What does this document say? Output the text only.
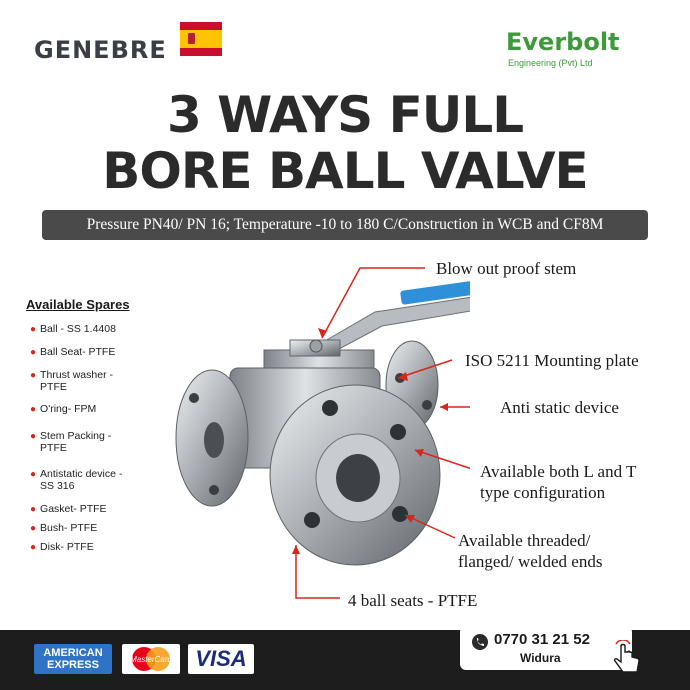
GENEBRE	Everbolt
Engineering (Pvt) Ltd
3 WAYS FULL
BORE BALL VALVE
Pressure PN40/ PN 16; Temperature -10 to 180 C/Construction in WCB and CF8M
Available Spares
● Ball - SS 1.4408
● Ball Seat- PTFE
● Thrust washer - PTFE
● O'ring- FPM
● Stem Packing - PTFE
● Antistatic device - SS 316
● Gasket- PTFE
● Bush- PTFE
● Disk- PTFE
Blow out proof stem
ISO 5211 Mounting plate
Anti static device
Available both L and T
type configuration
Available threaded/
flanged/ welded ends
4 ball seats - PTFE
AMERICAN
EXPRESS	MasterCard	VISA
0770 31 21 52
Widura
